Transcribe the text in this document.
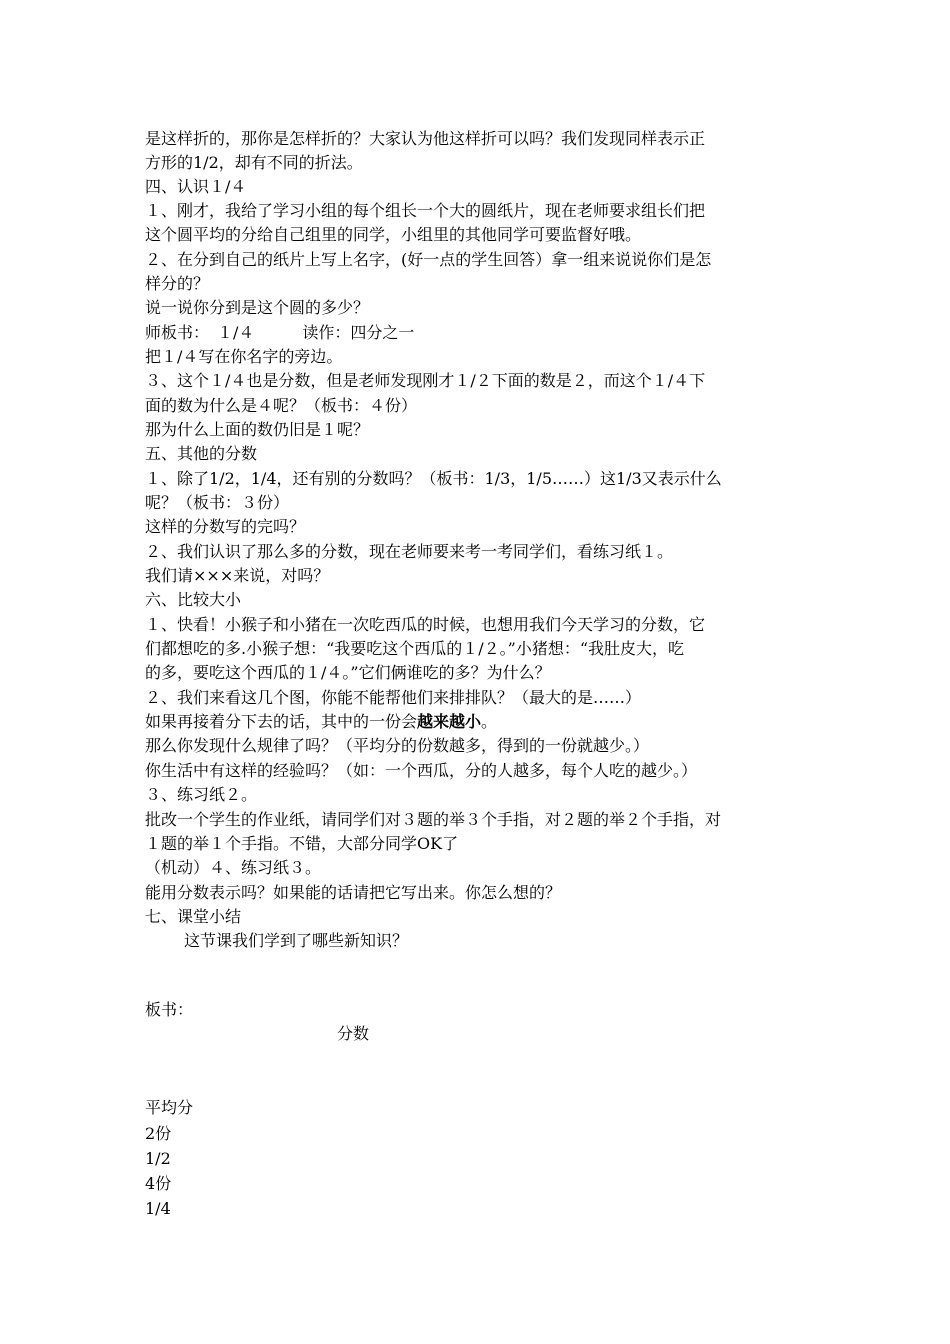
是这样折的，那你是怎样折的？大家认为他这样折可以吗？我们发现同样表示正
方形的1/2，却有不同的折法。
四、认识１/４
１、刚才，我给了学习小组的每个组长一个大的圆纸片，现在老师要求组长们把
这个圆平均的分给自己组里的同学，小组里的其他同学可要监督好哦。
２、在分到自己的纸片上写上名字，(好一点的学生回答）拿一组来说说你们是怎
样分的？
说一说你分到是这个圆的多少？
师板书：　１/４　　　读作：四分之一
把１/４写在你名字的旁边。
３、这个１/４也是分数，但是老师发现刚才１/２下面的数是２，而这个１/４下
面的数为什么是４呢？（板书：４份）
那为什么上面的数仍旧是１呢？
五、其他的分数
１、除了1/2，1/4，还有别的分数吗？（板书：1/3，1/5……）这1/3又表示什么
呢？（板书：３份）
这样的分数写的完吗？
２、我们认识了那么多的分数，现在老师要来考一考同学们，看练习纸１。
我们请×××来说，对吗？
六、比较大小
１、快看！小猴子和小猪在一次吃西瓜的时候，也想用我们今天学习的分数，它
们都想吃的多.小猴子想：“我要吃这个西瓜的１/２。”小猪想：“我肚皮大，吃
的多，要吃这个西瓜的１/４。”它们俩谁吃的多？为什么？
２、我们来看这几个图，你能不能帮他们来排排队？（最大的是……）
如果再接着分下去的话，其中的一份会越来越小。
那么你发现什么规律了吗？（平均分的份数越多，得到的一份就越少。）
你生活中有这样的经验吗？（如：一个西瓜，分的人越多，每个人吃的越少。）
３、练习纸２。
批改一个学生的作业纸，请同学们对３题的举３个手指，对２题的举２个手指，对
１题的举１个手指。不错，大部分同学OK了
（机动）４、练习纸３。
能用分数表示吗？如果能的话请把它写出来。你怎么想的？
七、课堂小结
这节课我们学到了哪些新知识？
板书：
分数
平均分
2份
1/2
4份
1/4
